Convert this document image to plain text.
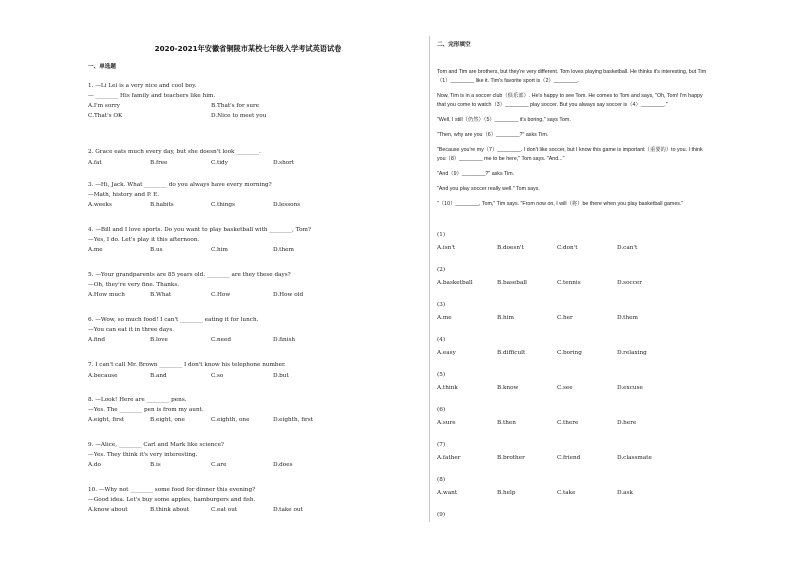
2020-2021年安徽省铜陵市某校七年级入学考试英语试卷
一、单选题
1. —Li Lei is a very nice and cool boy.
— ________ His family and teachers like him.
A.I'm sorry	B.That's for sure
C.That's OK	D.Nice to meet you
2. Grace eats much every day, but she doesn't look ________.
A.fat	B.free	C.tidy	D.short
3. —Hi, Jack. What ________ do you always have every morning?
—Math, history and P. E.
A.weeks	B.habits	C.things	D.lessons
4. —Bill and I love sports. Do you want to play basketball with ________, Tom?
—Yes, I do. Let's play it this afternoon.
A.me	B.us	C.him	D.them
5. —Your grandparents are 85 years old. ________ are they these days?
—Oh, they're very fine. Thanks.
A.How much	B.What	C.How	D.How old
6. —Wow, so much food! I can't ________ eating it for lunch.
—You can eat it in three days.
A.find	B.love	C.need	D.finish
7. I can't call Mr. Brown ________ I don't know his telephone number.
A.because	B.and	C.so	D.but
8. —Look! Here are ________ pens.
—Yes. The ________ pen is from my aunt.
A.eight, first	B.eight, one	C.eighth, one	D.eighth, first
9. —Alice, ________ Carl and Mark like science?
—Yes. They think it's very interesting.
A.do	B.is	C.are	D.does
10. —Why not ________ some food for dinner this evening?
—Good idea. Let's buy some apples, hamburgers and fish.
A.know about	B.think about	C.eat out	D.take out
二、完形填空
Tom and Tim are brothers, but they're very different. Tom loves playing basketball. He thinks it's interesting, but Tim
（1）________ like it. Tim's favorite sport is（2）________.
Now, Tim is in a soccer club（俱乐部）. He's happy to see Tom. He comes to Tom and says, "Oh, Tom! I'm happy
that you come to watch（3）________ play soccer. But you always say soccer is（4）________."
"Well, I still（仍然）（5）________ it's boring," says Tom.
"Then, why are you（6）________?" asks Tim.
"Because you're my（7）________. I don't like soccer, but I know this game is important（重要的）to you. I think
you（8）________ me to be here," Tom says. "And..."
"And（9）________?" asks Tim.
"And you play soccer really well." Tom says.
"（10）________, Tom," Tim says. "From now on, I will（将）be there when you play basketball games."
(1)
A.isn't	B.doesn't	C.don't	D.can't
(2)
A.basketball	B.baseball	C.tennis	D.soccer
(3)
A.me	B.him	C.her	D.them
(4)
A.easy	B.difficult	C.boring	D.relaxing
(5)
A.think	B.know	C.see	D.excuse
(6)
A.sure	B.then	C.there	D.here
(7)
A.father	B.brother	C.friend	D.classmate
(8)
A.want	B.help	C.take	D.ask
(9)
